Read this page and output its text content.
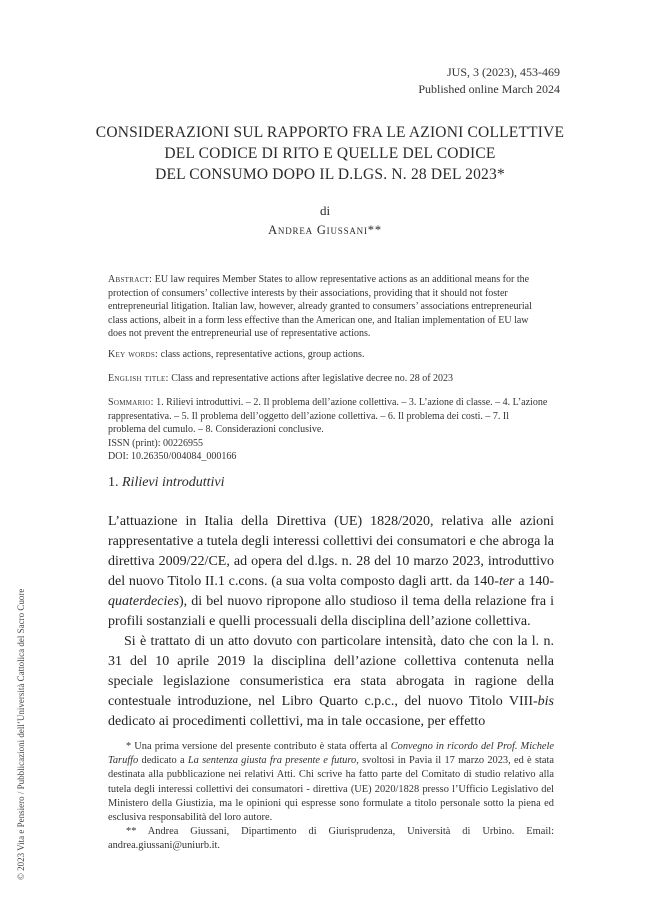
JUS, 3 (2023), 453-469
Published online March 2024
CONSIDERAZIONI SUL RAPPORTO FRA LE AZIONI COLLETTIVE
DEL CODICE DI RITO E QUELLE DEL CODICE
DEL CONSUMO DOPO IL D.LGS. N. 28 DEL 2023*
di
Andrea Giussani**
Abstract: EU law requires Member States to allow representative actions as an additional means for the protection of consumers’ collective interests by their associations, providing that it should not foster entrepreneurial litigation. Italian law, however, already granted to consumers’ associations entrepreneurial class actions, albeit in a form less effective than the American one, and Italian implementation of EU law does not prevent the entrepreneurial use of representative actions.
Key words: class actions, representative actions, group actions.
English title: Class and representative actions after legislative decree no. 28 of 2023
Sommario: 1. Rilievi introduttivi. – 2. Il problema dell’azione collettiva. – 3. L’azione di classe. – 4. L’azione rappresentativa. – 5. Il problema dell’oggetto dell’azione collettiva. – 6. Il problema dei costi. – 7. Il problema del cumulo. – 8. Considerazioni conclusive.
ISSN (print): 00226955
DOI: 10.26350/004084_000166
1. Rilievi introduttivi

L’attuazione in Italia della Direttiva (UE) 1828/2020, relativa alle azioni rappresentative a tutela degli interessi collettivi dei consumatori e che abroga la direttiva 2009/22/CE, ad opera del d.lgs. n. 28 del 10 marzo 2023, introduttivo del nuovo Titolo II.1 c.cons. (a sua volta composto dagli artt. da 140-ter a 140-quaterdecies), di bel nuovo ripropone allo studioso il tema della relazione fra i profili sostanziali e quelli processuali della disciplina dell’azione collettiva.

Si è trattato di un atto dovuto con particolare intensità, dato che con la l. n. 31 del 10 aprile 2019 la disciplina dell’azione collettiva contenuta nella speciale legislazione consumeristica era stata abrogata in ragione della contestuale introduzione, nel Libro Quarto c.p.c., del nuovo Titolo VIII-bis dedicato ai procedimenti collettivi, ma in tale occasione, per effetto

* Una prima versione del presente contributo è stata offerta al Convegno in ricordo del Prof. Michele Taruffo dedicato a La sentenza giusta fra presente e futuro, svoltosi in Pavia il 17 marzo 2023, ed è stata destinata alla pubblicazione nei relativi Atti. Chi scrive ha fatto parte del Comitato di studio relativo alla tutela degli interessi collettivi dei consumatori - direttiva (UE) 2020/1828 presso l’Ufficio Legislativo del Ministero della Giustizia, ma le opinioni qui espresse sono formulate a titolo personale sotto la piena ed esclusiva responsabilità del loro autore.

** Andrea Giussani, Dipartimento di Giurisprudenza, Università di Urbino. Email: andrea.giussani@uniurb.it.

© 2023 Vita e Pensiero / Pubblicazioni dell’Università Cattolica del Sacro Cuore
